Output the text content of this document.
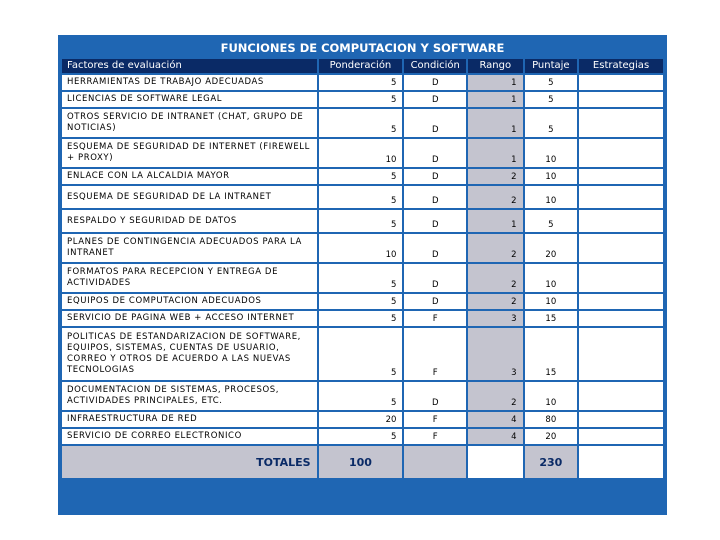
FUNCIONES DE COMPUTACION Y SOFTWARE					
Factores de evaluación	Ponderación	Condición	Rango	Puntaje	Estrategias
HERRAMIENTAS DE TRABAJO ADECUADAS	5	D	1	5	
LICENCIAS DE SOFTWARE LEGAL	5	D	1	5	
OTROS SERVICIO DE INTRANET (CHAT, GRUPO DE NOTICIAS)	5	D	1	5	
ESQUEMA DE SEGURIDAD DE INTERNET (FIREWELL + PROXY)	10	D	1	10	
ENLACE CON LA ALCALDIA MAYOR	5	D	2	10	
ESQUEMA DE SEGURIDAD DE LA INTRANET	5	D	2	10	
RESPALDO Y SEGURIDAD DE DATOS	5	D	1	5	
PLANES DE CONTINGENCIA ADECUADOS PARA LA INTRANET	10	D	2	20	
FORMATOS PARA RECEPCION Y ENTREGA DE ACTIVIDADES	5	D	2	10	
EQUIPOS DE COMPUTACION ADECUADOS	5	D	2	10	
SERVICIO DE PAGINA WEB + ACCESO INTERNET	5	F	3	15	
POLITICAS DE ESTANDARIZACION DE SOFTWARE, EQUIPOS, SISTEMAS, CUENTAS DE USUARIO, CORREO Y OTROS DE ACUERDO A LAS NUEVAS TECNOLOGIAS	5	F	3	15	
DOCUMENTACION DE SISTEMAS, PROCESOS, ACTIVIDADES PRINCIPALES, ETC.	5	D	2	10	
INFRAESTRUCTURA DE RED	20	F	4	80	
SERVICIO DE CORREO ELECTRONICO	5	F	4	20	
TOTALES	100			230	
